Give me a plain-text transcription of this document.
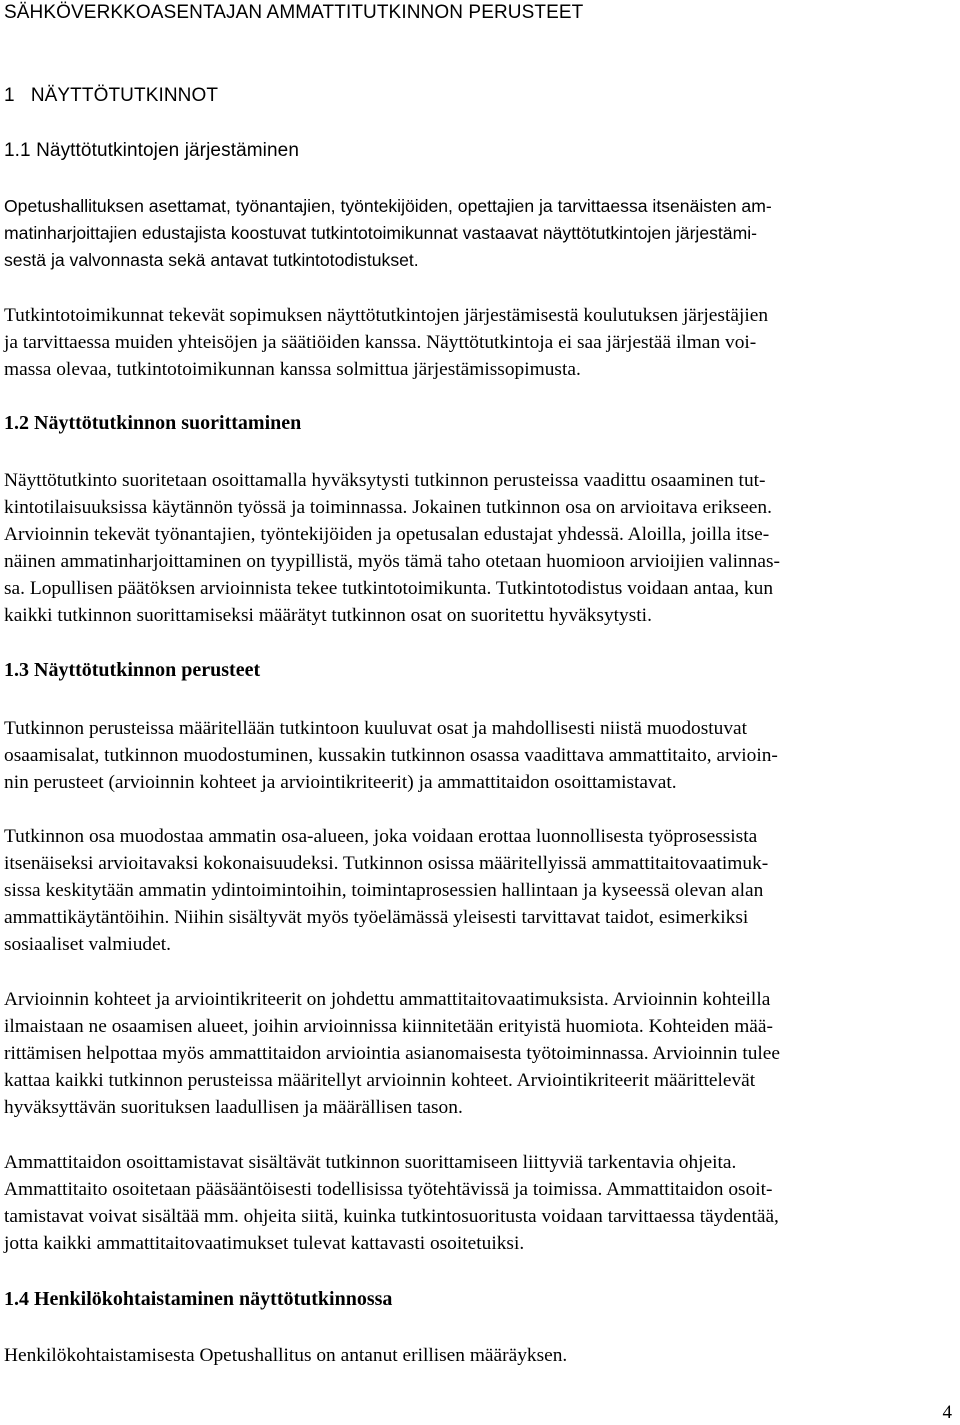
SÄHKÖVERKKOASENTAJAN AMMATTITUTKINNON PERUSTEET
1 NÄYTTÖTUTKINNOT
1.1 Näyttötutkintojen järjestäminen
Opetushallituksen asettamat, työnantajien, työntekijöiden, opettajien ja tarvittaessa itsenäisten am-
matinharjoittajien edustajista koostuvat tutkintotoimikunnat vastaavat näyttötutkintojen järjestämi-
sestä ja valvonnasta sekä antavat tutkintotodistukset.
Tutkintotoimikunnat tekevät sopimuksen näyttötutkintojen järjestämisestä koulutuksen järjestäjien
ja tarvittaessa muiden yhteisöjen ja säätiöiden kanssa. Näyttötutkintoja ei saa järjestää ilman voi-
massa olevaa, tutkintotoimikunnan kanssa solmittua järjestämissopimusta.
1.2 Näyttötutkinnon suorittaminen
Näyttötutkinto suoritetaan osoittamalla hyväksytysti tutkinnon perusteissa vaadittu osaaminen tut-
kintotilaisuuksissa käytännön työssä ja toiminnassa. Jokainen tutkinnon osa on arvioitava erikseen.
Arvioinnin tekevät työnantajien, työntekijöiden ja opetusalan edustajat yhdessä. Aloilla, joilla itse-
näinen ammatinharjoittaminen on tyypillistä, myös tämä taho otetaan huomioon arvioijien valinnas-
sa. Lopullisen päätöksen arvioinnista tekee tutkintotoimikunta. Tutkintotodistus voidaan antaa, kun
kaikki tutkinnon suorittamiseksi määrätyt tutkinnon osat on suoritettu hyväksytysti.
1.3 Näyttötutkinnon perusteet
Tutkinnon perusteissa määritellään tutkintoon kuuluvat osat ja mahdollisesti niistä muodostuvat
osaamisalat, tutkinnon muodostuminen, kussakin tutkinnon osassa vaadittava ammattitaito, arvioin-
nin perusteet (arvioinnin kohteet ja arviointikriteerit) ja ammattitaidon osoittamistavat.
Tutkinnon osa muodostaa ammatin osa-alueen, joka voidaan erottaa luonnollisesta työprosessista
itsenäiseksi arvioitavaksi kokonaisuudeksi. Tutkinnon osissa määritellyissä ammattitaitovaatimuk-
sissa keskitytään ammatin ydintoimintoihin, toimintaprosessien hallintaan ja kyseessä olevan alan
ammattikäytäntöihin. Niihin sisältyvät myös työelämässä yleisesti tarvittavat taidot, esimerkiksi
sosiaaliset valmiudet.
Arvioinnin kohteet ja arviointikriteerit on johdettu ammattitaitovaatimuksista. Arvioinnin kohteilla
ilmaistaan ne osaamisen alueet, joihin arvioinnissa kiinnitetään erityistä huomiota. Kohteiden mää-
rittämisen helpottaa myös ammattitaidon arviointia asianomaisesta työtoiminnassa. Arvioinnin tulee
kattaa kaikki tutkinnon perusteissa määritellyt arvioinnin kohteet. Arviointikriteerit määrittelevät
hyväksyttävän suorituksen laadullisen ja määrällisen tason.
Ammattitaidon osoittamistavat sisältävät tutkinnon suorittamiseen liittyviä tarkentavia ohjeita.
Ammattitaito osoitetaan pääsääntöisesti todellisissa työtehtävissä ja toimissa. Ammattitaidon osoit-
tamistavat voivat sisältää mm. ohjeita siitä, kuinka tutkintosuoritusta voidaan tarvittaessa täydentää,
jotta kaikki ammattitaitovaatimukset tulevat kattavasti osoitetuiksi.
1.4 Henkilökohtaistaminen näyttötutkinnossa
Henkilökohtaistamisesta Opetushallitus on antanut erillisen määräyksen.
4
